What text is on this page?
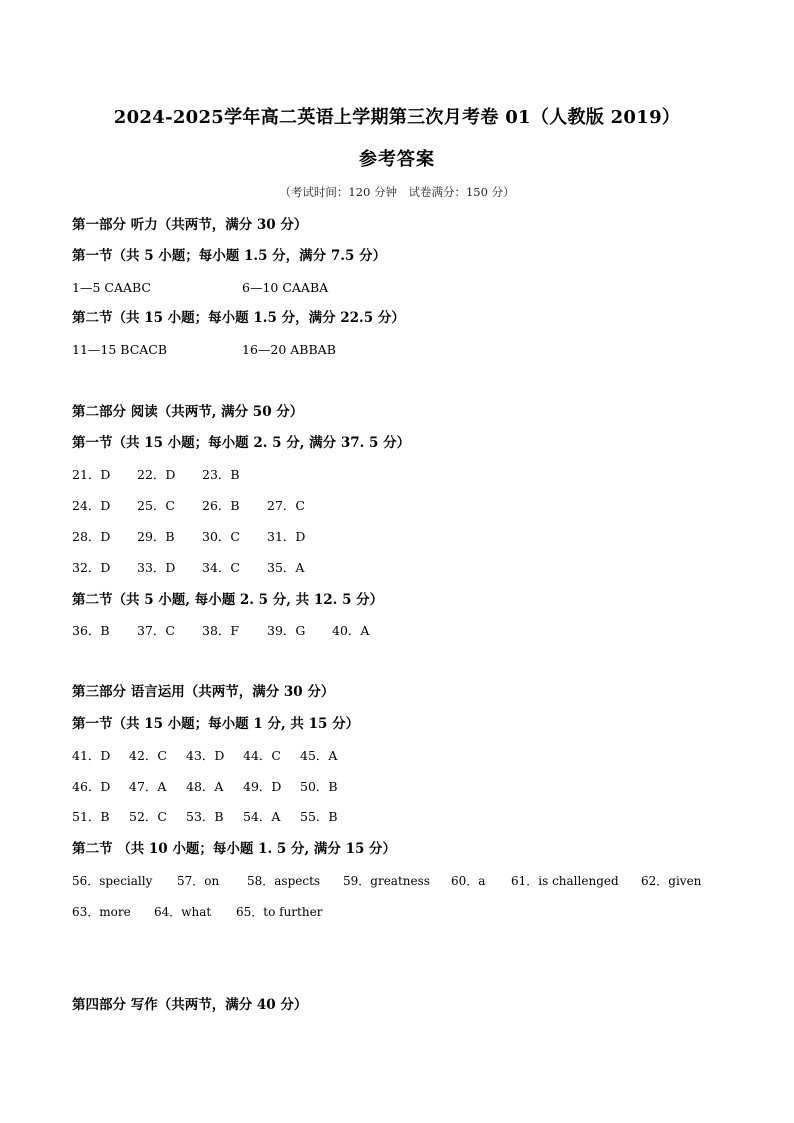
2024-2025学年高二英语上学期第三次月考卷 01（人教版 2019）
参考答案
（考试时间：120 分钟　试卷满分：150 分）
第一部分 听力（共两节，满分 30 分）
第一节（共 5 小题；每小题 1.5 分，满分 7.5 分）
1—5 CAABC	6—10 CAABA
第二节（共 15 小题；每小题 1.5 分，满分 22.5 分）
11—15 BCACB	16—20 ABBAB
第二部分 阅读（共两节, 满分 50 分）
第一节（共 15 小题；每小题 2. 5 分, 满分 37. 5 分）
21．D	22．D	23．B
24．D	25．C	26．B	27．C
28．D	29．B	30．C	31．D
32．D	33．D	34．C	35．A
第二节（共 5 小题, 每小题 2. 5 分, 共 12. 5 分）
36．B	37．C	38．F	39．G	40．A
第三部分 语言运用（共两节，满分 30 分）
第一节（共 15 小题；每小题 1 分, 共 15 分）
41．D	42．C	43．D	44．C	45．A
46．D	47．A	48．A	49．D	50．B
51．B	52．C	53．B	54．A	55．B
第二节 （共 10 小题；每小题 1. 5 分, 满分 15 分）
56．specially	57．on	58．aspects	59．greatness	60．a	61．is challenged	62．given
63．more	64．what	65．to further
第四部分 写作（共两节，满分 40 分）
